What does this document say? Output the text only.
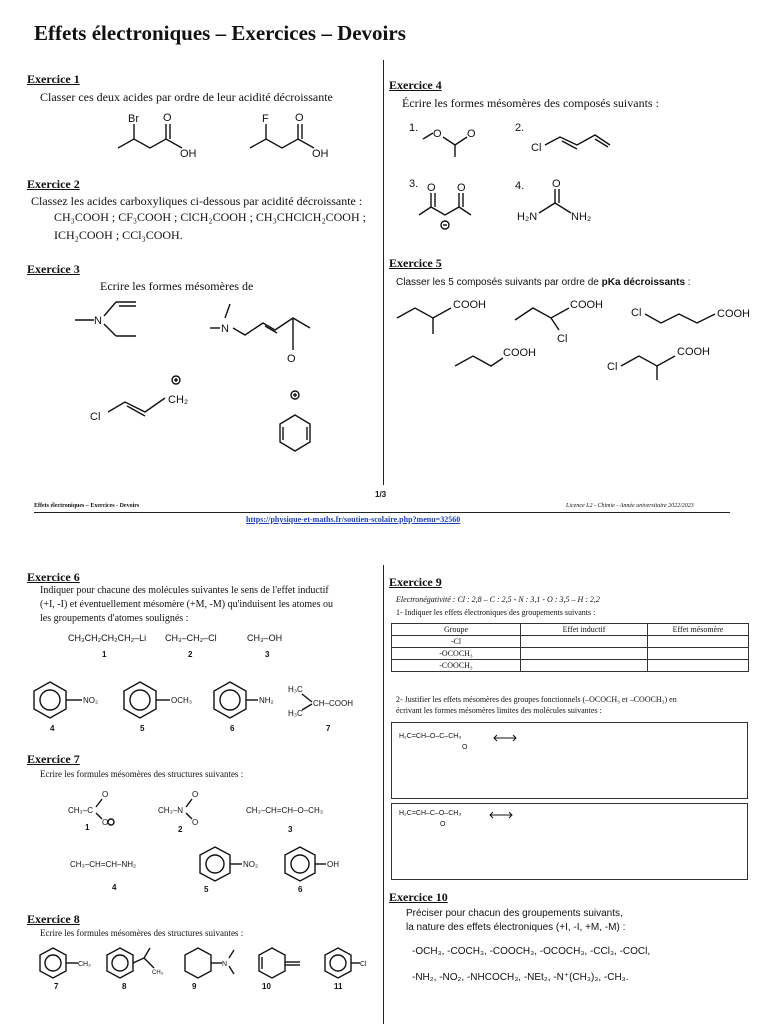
Effets électroniques – Exercices – Devoirs
Exercice 1
Classer ces deux acides par ordre de leur acidité décroissante
Br O
OH
F O
OH
Exercice 2
Classez les acides carboxyliques ci-dessous par acidité décroissante :
CH₃COOH ; CF₃COOH ; ClCH₂COOH ; CH₃CHClCH₂COOH ;
ICH₂COOH ; CCl₃COOH.
Exercice 3
Ecrire les formes mésomères de
N
N
O
Cl
CH₂
Exercice 4
Écrire les formes mésomères des composés suivants :
1. O O	2.
Cl
3. O O	4.
H₂N
O
NH₂
Exercice 5
Classer les 5 composés suivants par ordre de pKa décroissants :
COOH	COOH
Cl
Cl	COOH
COOH
Cl
COOH
1/3
Effets électroniques – Exercices - Devoirs	Licence L2 - Chimie - Année universitaire 2022/2023
https://physique-et-maths.fr/soutien-scolaire.php?menu=32560
Exercice 6
Indiquer pour chacune des molécules suivantes le sens de l'effet inductif
(+I, -I) et éventuellement mésomère (+M, -M) qu'induisent les atomes ou
les groupements d'atomes soulignés :
CH₃CH₂CH₂CH₂–Li CH₃–CH₂–Cl	CH₃–OH
1	2	3
NO₂	OCH₃	NH₂
H₃C
H₃C
CH–COOH
4	5	6	7
Exercice 7
Ecrire les formules mésomères des structures suivantes :
CH₃–C
O
O
CH₃–N
O
O
CH₃–CH=CH–O–CH₃
CH₃–CH=CH–NH₂	NO₂	OH
1	2	3
4	5	6
Exercice 8
Ecrire les formules mésomères des structures suivantes :
CH₂
CH₃
N	Cl
7	8	9	10	11
Exercice 9
Electronégativité : Cl : 2,8 – C : 2,5 - N : 3,1 - O : 3,5 – H : 2,2
1- Indiquer les effets électroniques des groupements suivants :
Groupe	Effet inductif	Effet mésomère
-Cl		
-OCOCH₃		
-COOCH₃		
2- Justifier les effets mésomères des groupes fonctionnels (–OCOCH₃ et –COOCH₃) en
écrivant les formes mésomères limites des molécules suivantes :
H₂C=CH–O–C–CH₃
O
H₂C=CH–C–O–CH₃
O
Exercice 10
Préciser pour chacun des groupements suivants,
la nature des effets électroniques (+I, -I, +M, -M) :
-OCH₃, -COCH₃, -COOCH₃, -OCOCH₃, -CCl₃, -COCl,
-NH₂, -NO₂, -NHCOCH₃, -NEt₂, -N⁺(CH₃)₃, -CH₃.
